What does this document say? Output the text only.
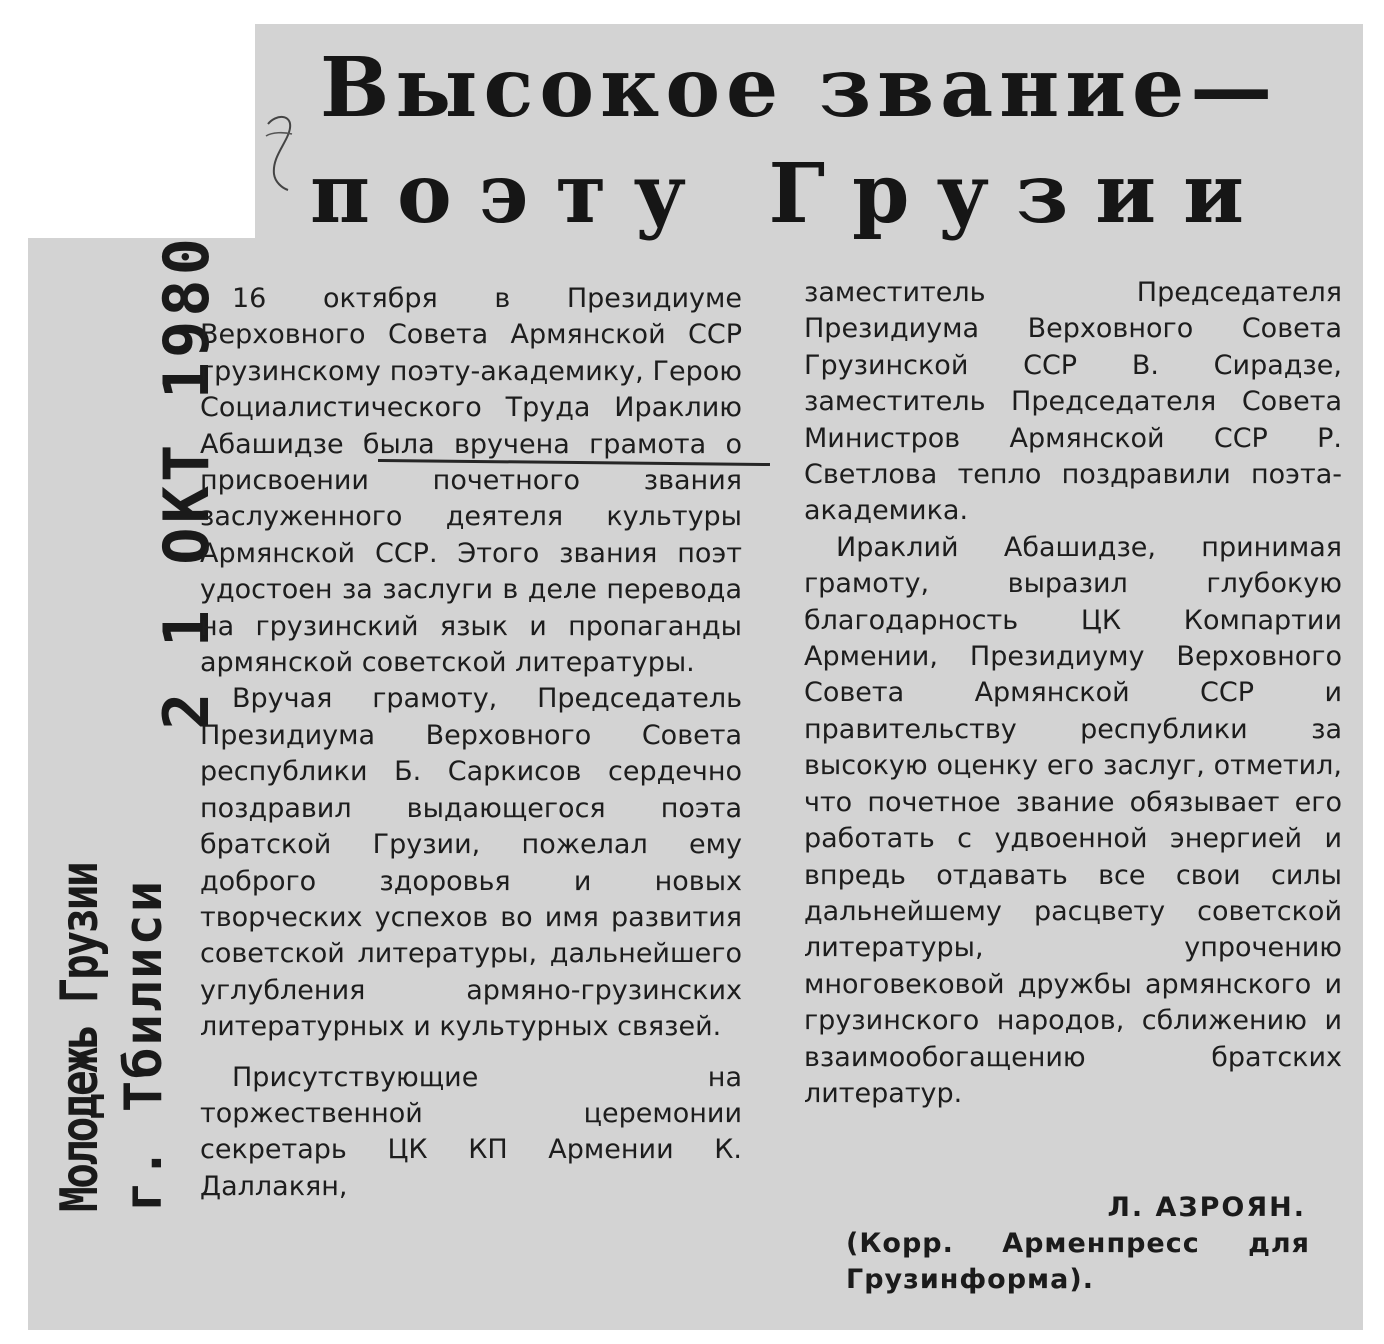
Высокое звание—
поэту Грузии
Молодежь Грузии г. Тбилиси
2 1 ОКТ 1980 16 октября в Президиуме Верховного Совета Армянской ССР грузинскому поэту-академику, Герою Социалистического Труда Ираклию Абашидзе была вручена грамота о присвоении почетного звания заслуженного деятеля культуры Армянской ССР. Этого звания поэт удостоен за заслуги в деле перевода на грузинский язык и пропаганды армянской советской литературы.

Вручая грамоту, Председатель Президиума Верховного Совета республики Б. Саркисов сердечно поздравил выдающегося поэта братской Грузии, пожелал ему доброго здоровья и новых творческих успехов во имя развития советской литературы, дальнейшего углубления армяно-грузинских литературных и культурных связей.

Присутствующие на торжественной церемонии секретарь ЦК КП Армении К. Даллакян,

заместитель Председателя Президиума Верховного Совета Грузинской ССР В. Сирадзе, заместитель Председателя Совета Министров Армянской ССР Р. Светлова тепло поздравили поэта-академика.

Ираклий Абашидзе, принимая грамоту, выразил глубокую благодарность ЦК Компартии Армении, Президиуму Верховного Совета Армянской ССР и правительству республики за высокую оценку его заслуг, отметил, что почетное звание обязывает его работать с удвоенной энергией и впредь отдавать все свои силы дальнейшему расцвету советской литературы, упрочению многовековой дружбы армянского и грузинского народов, сближению и взаимообогащению братских литератур.

Л. АЗРОЯН.
(Корр. Арменпресс для Грузинформа).
